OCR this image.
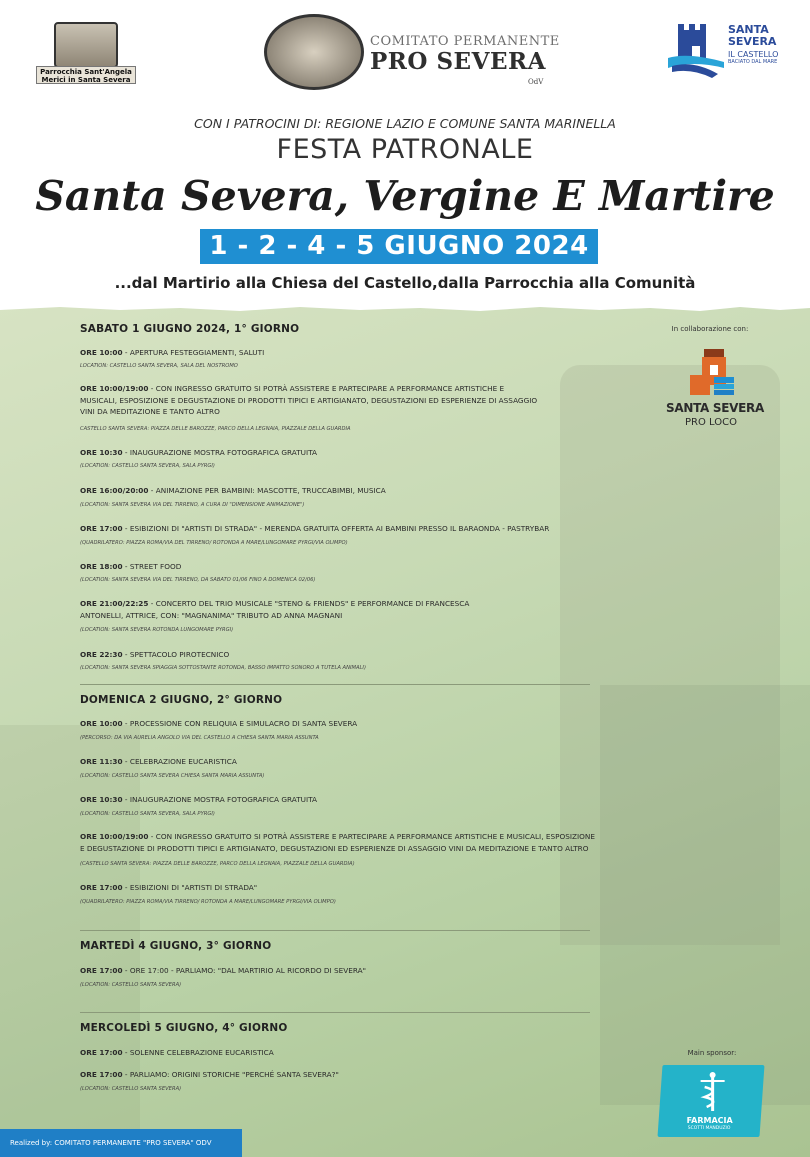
Parrocchia Sant'Angela
Merici in Santa Severa
COMITATO PERMANENTE
PRO SEVERA
OdV
SANTA
SEVERA
IL CASTELLO
BACIATO DAL MARE
CON I PATROCINI DI: REGIONE LAZIO E COMUNE SANTA MARINELLA
FESTA PATRONALE
Santa Severa, Vergine E Martire
1 - 2 - 4 - 5 GIUGNO 2024
...dal Martirio alla Chiesa del Castello,dalla Parrocchia alla Comunità
SABATO 1 GIUGNO 2024, 1° GIORNO
ORE 10:00 - APERTURA FESTEGGIAMENTI, SALUTI
LOCATION: CASTELLO SANTA SEVERA, SALA DEL NOSTROMO
ORE 10:00/19:00 - CON INGRESSO GRATUITO SI POTRÀ ASSISTERE E PARTECIPARE A PERFORMANCE ARTISTICHE E MUSICALI, ESPOSIZIONE E DEGUSTAZIONE DI PRODOTTI TIPICI E ARTIGIANATO, DEGUSTAZIONI ED ESPERIENZE DI ASSAGGIO VINI DA MEDITAZIONE E TANTO ALTRO
CASTELLO SANTA SEVERA: PIAZZA DELLE BAROZZE, PARCO DELLA LEGNAIA, PIAZZALE DELLA GUARDIA
ORE 10:30 - INAUGURAZIONE MOSTRA FOTOGRAFICA GRATUITA
(LOCATION: CASTELLO SANTA SEVERA, SALA PYRGI)
ORE 16:00/20:00 - ANIMAZIONE PER BAMBINI: MASCOTTE, TRUCCABIMBI, MUSICA
(LOCATION: SANTA SEVERA VIA DEL TIRRENO, A CURA DI "DIMENSIONE ANIMAZIONE")
ORE 17:00 - ESIBIZIONI DI "ARTISTI DI STRADA" - MERENDA GRATUITA OFFERTA AI BAMBINI PRESSO IL BARAONDA - PASTRYBAR
(QUADRILATERO: PIAZZA ROMA/VIA DEL TIRRENO/ ROTONDA A MARE/LUNGOMARE PYRGI/VIA OLIMPO)
ORE 18:00 - STREET FOOD
(LOCATION: SANTA SEVERA VIA DEL TIRRENO, DA SABATO 01/06 FINO A DOMENICA 02/06)
ORE 21:00/22:25 - CONCERTO DEL TRIO MUSICALE "STENO & FRIENDS" E PERFORMANCE DI FRANCESCA ANTONELLI, ATTRICE, CON: "MAGNANIMA" TRIBUTO AD ANNA MAGNANI
(LOCATION: SANTA SEVERA ROTONDA LUNGOMARE PYRGI)
ORE 22:30 - SPETTACOLO PIROTECNICO
(LOCATION: SANTA SEVERA SPIAGGIA SOTTOSTANTE ROTONDA, BASSO IMPATTO SONORO A TUTELA ANIMALI)
DOMENICA 2 GIUGNO, 2° GIORNO
ORE 10:00 - PROCESSIONE CON RELIQUIA E SIMULACRO DI SANTA SEVERA
(PERCORSO: DA VIA AURELIA ANGOLO VIA DEL CASTELLO A CHIESA SANTA MARIA ASSUNTA
ORE 11:30 - CELEBRAZIONE EUCARISTICA
(LOCATION: CASTELLO SANTA SEVERA CHIESA SANTA MARIA ASSUNTA)
ORE 10:30 - INAUGURAZIONE MOSTRA FOTOGRAFICA GRATUITA
(LOCATION: CASTELLO SANTA SEVERA, SALA PYRGI)
ORE 10:00/19:00 - CON INGRESSO GRATUITO SI POTRÀ ASSISTERE E PARTECIPARE A PERFORMANCE ARTISTICHE E MUSICALI, ESPOSIZIONE E DEGUSTAZIONE DI PRODOTTI TIPICI E ARTIGIANATO, DEGUSTAZIONI ED ESPERIENZE DI ASSAGGIO VINI DA MEDITAZIONE E TANTO ALTRO
(CASTELLO SANTA SEVERA: PIAZZA DELLE BAROZZE, PARCO DELLA LEGNAIA, PIAZZALE DELLA GUARDIA)
ORE 17:00 - ESIBIZIONI DI "ARTISTI DI STRADA"
(QUADRILATERO: PIAZZA ROMA/VIA TIRRENO/ ROTONDA A MARE/LUNGOMARE PYRGI/VIA OLIMPO)
MARTEDÌ 4 GIUGNO, 3° GIORNO
ORE 17:00 - ORE 17:00 - PARLIAMO: "DAL MARTIRIO AL RICORDO DI SEVERA"
(LOCATION: CASTELLO SANTA SEVERA)
MERCOLEDÌ 5 GIUGNO, 4° GIORNO
ORE 17:00 - SOLENNE CELEBRAZIONE EUCARISTICA
ORE 17:00 - PARLIAMO: ORIGINI STORICHE "PERCHÉ SANTA SEVERA?"
(LOCATION: CASTELLO SANTA SEVERA)
In collaborazione con:
SANTA SEVERA
PRO LOCO
Main sponsor:
FARMACIA
SCOTTI MANDUZIO
Realized by: COMITATO PERMANENTE "PRO SEVERA" ODV
